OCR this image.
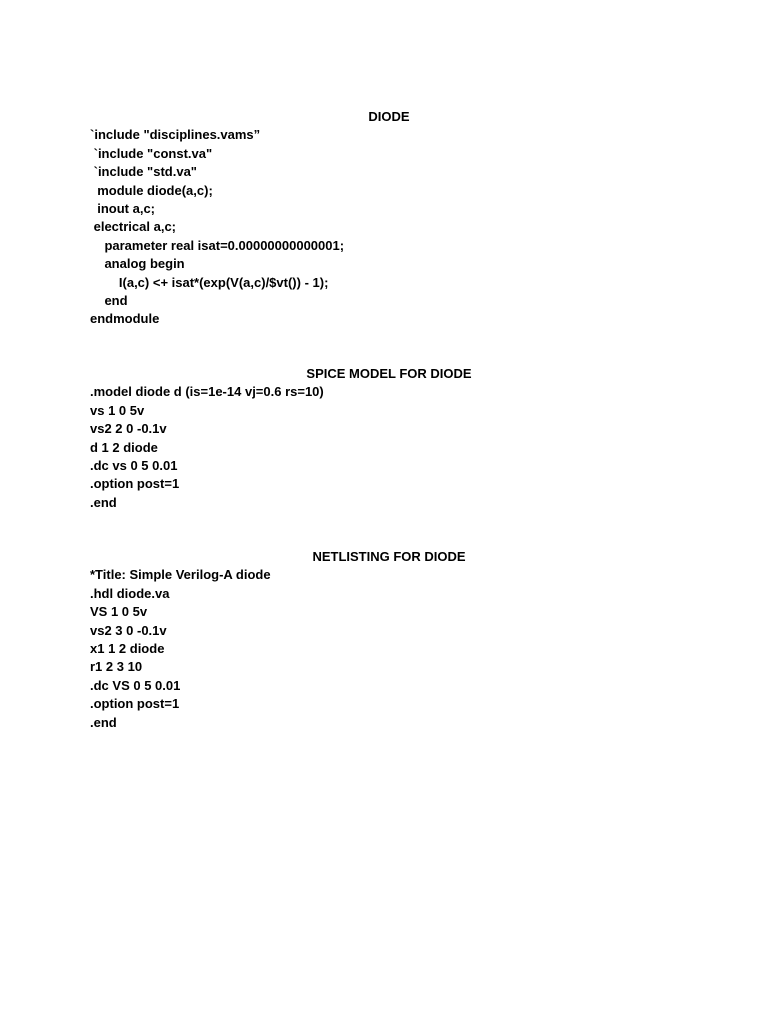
DIODE
`include "disciplines.vams”
`include "const.va"
`include "std.va"
module diode(a,c);
inout a,c;
electrical a,c;
parameter real isat=0.00000000000001;
analog begin
I(a,c) <+ isat*(exp(V(a,c)/$vt()) - 1);
end
endmodule
SPICE MODEL FOR DIODE
.model diode d (is=1e-14 vj=0.6 rs=10)
vs 1 0 5v
vs2 2 0 -0.1v
d 1 2 diode
.dc vs 0 5 0.01
.option post=1
.end
NETLISTING FOR DIODE
*Title: Simple Verilog-A diode
.hdl diode.va
VS 1 0 5v
vs2 3 0 -0.1v
x1 1 2 diode
r1 2 3 10
.dc VS 0 5 0.01
.option post=1
.end
